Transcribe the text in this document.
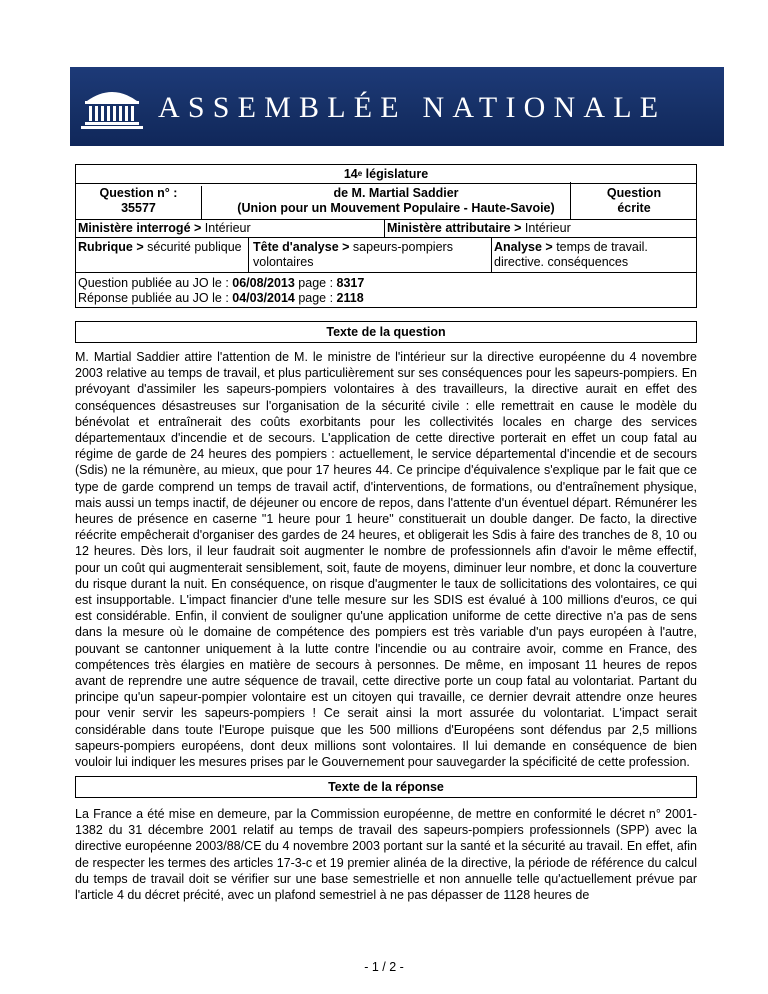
ASSEMBLÉE NATIONALE
14e législature
Question n° :
35577
de M. Martial Saddier
(Union pour un Mouvement Populaire - Haute-Savoie)
Question écrite
Ministère interrogé > Intérieur	Ministère attributaire > Intérieur
Rubrique > sécurité publique Tête d'analyse > sapeurs-pompiers volontaires
Analyse > temps de travail. directive. conséquences
Question publiée au JO le : 06/08/2013 page : 8317
Réponse publiée au JO le : 04/03/2014 page : 2118
Texte de la question
M. Martial Saddier attire l'attention de M. le ministre de l'intérieur sur la directive européenne du 4 novembre 2003 relative au temps de travail, et plus particulièrement sur ses conséquences pour les sapeurs-pompiers. En prévoyant d'assimiler les sapeurs-pompiers volontaires à des travailleurs, la directive aurait en effet des conséquences désastreuses sur l'organisation de la sécurité civile : elle remettrait en cause le modèle du bénévolat et entraînerait des coûts exorbitants pour les collectivités locales en charge des services départementaux d'incendie et de secours. L'application de cette directive porterait en effet un coup fatal au régime de garde de 24 heures des pompiers : actuellement, le service départemental d'incendie et de secours (Sdis) ne la rémunère, au mieux, que pour 17 heures 44. Ce principe d'équivalence s'explique par le fait que ce type de garde comprend un temps de travail actif, d'interventions, de formations, ou d'entraînement physique, mais aussi un temps inactif, de déjeuner ou encore de repos, dans l'attente d'un éventuel départ. Rémunérer les heures de présence en caserne "1 heure pour 1 heure" constituerait un double danger. De facto, la directive réécrite empêcherait d'organiser des gardes de 24 heures, et obligerait les Sdis à faire des tranches de 8, 10 ou 12 heures. Dès lors, il leur faudrait soit augmenter le nombre de professionnels afin d'avoir le même effectif, pour un coût qui augmenterait sensiblement, soit, faute de moyens, diminuer leur nombre, et donc la couverture du risque durant la nuit. En conséquence, on risque d'augmenter le taux de sollicitations des volontaires, ce qui est insupportable. L'impact financier d'une telle mesure sur les SDIS est évalué à 100 millions d'euros, ce qui est considérable. Enfin, il convient de souligner qu'une application uniforme de cette directive n'a pas de sens dans la mesure où le domaine de compétence des pompiers est très variable d'un pays européen à l'autre, pouvant se cantonner uniquement à la lutte contre l'incendie ou au contraire avoir, comme en France, des compétences très élargies en matière de secours à personnes. De même, en imposant 11 heures de repos avant de reprendre une autre séquence de travail, cette directive porte un coup fatal au volontariat. Partant du principe qu'un sapeur-pompier volontaire est un citoyen qui travaille, ce dernier devrait attendre onze heures pour venir servir les sapeurs-pompiers ! Ce serait ainsi la mort assurée du volontariat. L'impact serait considérable dans toute l'Europe puisque que les 500 millions d'Européens sont défendus par 2,5 millions sapeurs-pompiers européens, dont deux millions sont volontaires. Il lui demande en conséquence de bien vouloir lui indiquer les mesures prises par le Gouvernement pour sauvegarder la spécificité de cette profession.
Texte de la réponse
La France a été mise en demeure, par la Commission européenne, de mettre en conformité le décret n° 2001-1382 du 31 décembre 2001 relatif au temps de travail des sapeurs-pompiers professionnels (SPP) avec la directive européenne 2003/88/CE du 4 novembre 2003 portant sur la santé et la sécurité au travail. En effet, afin de respecter les termes des articles 17-3-c et 19 premier alinéa de la directive, la période de référence du calcul du temps de travail doit se vérifier sur une base semestrielle et non annuelle telle qu'actuellement prévue par l'article 4 du décret précité, avec un plafond semestriel à ne pas dépasser de 1128 heures de
- 1 / 2 -
